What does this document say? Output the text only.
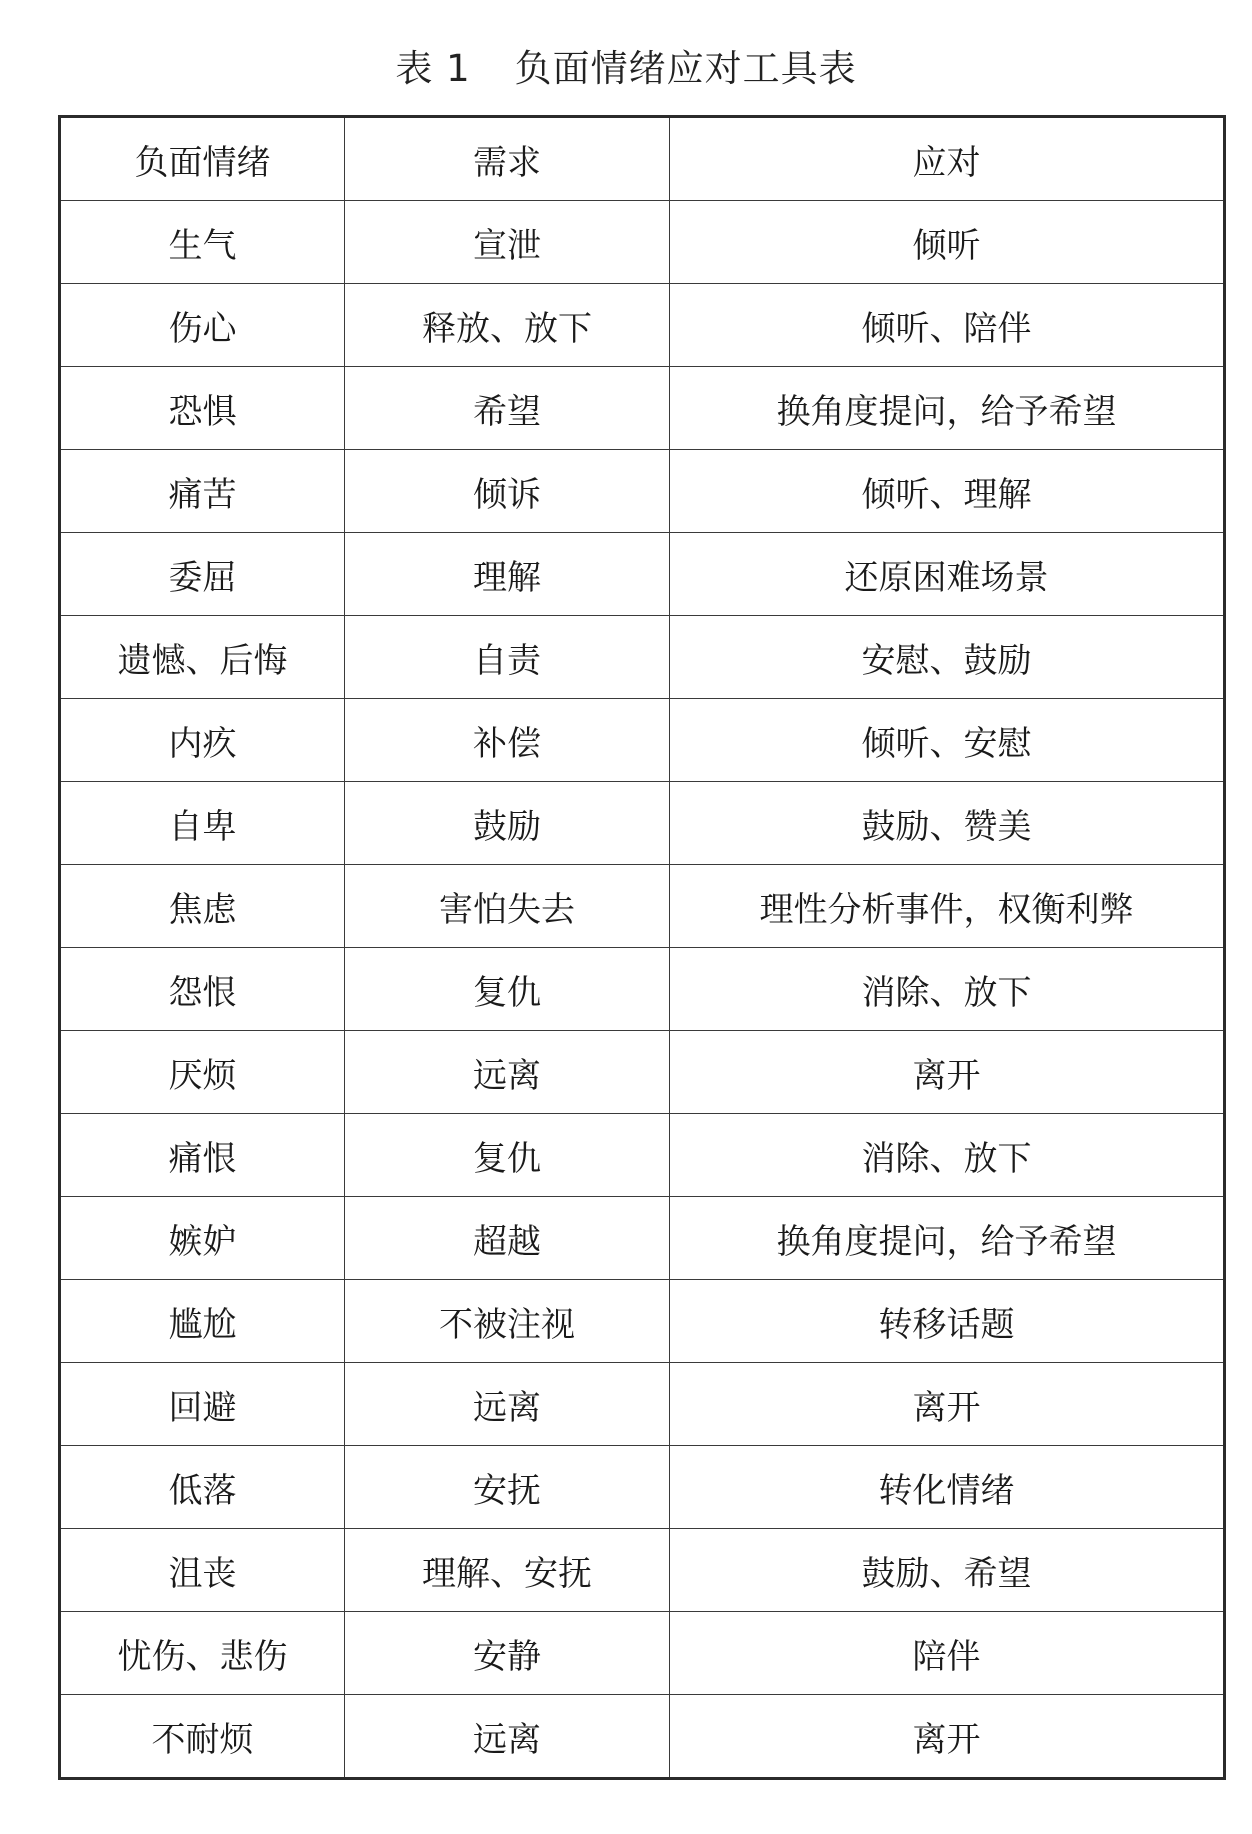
表 1 负面情绪应对工具表
负面情绪	需求	应对
生气	宣泄	倾听
伤心	释放、放下	倾听、陪伴
恐惧	希望	换角度提问，给予希望
痛苦	倾诉	倾听、理解
委屈	理解	还原困难场景
遗憾、后悔	自责	安慰、鼓励
内疚	补偿	倾听、安慰
自卑	鼓励	鼓励、赞美
焦虑	害怕失去	理性分析事件，权衡利弊
怨恨	复仇	消除、放下
厌烦	远离	离开
痛恨	复仇	消除、放下
嫉妒	超越	换角度提问，给予希望
尴尬	不被注视	转移话题
回避	远离	离开
低落	安抚	转化情绪
沮丧	理解、安抚	鼓励、希望
忧伤、悲伤	安静	陪伴
不耐烦	远离	离开
